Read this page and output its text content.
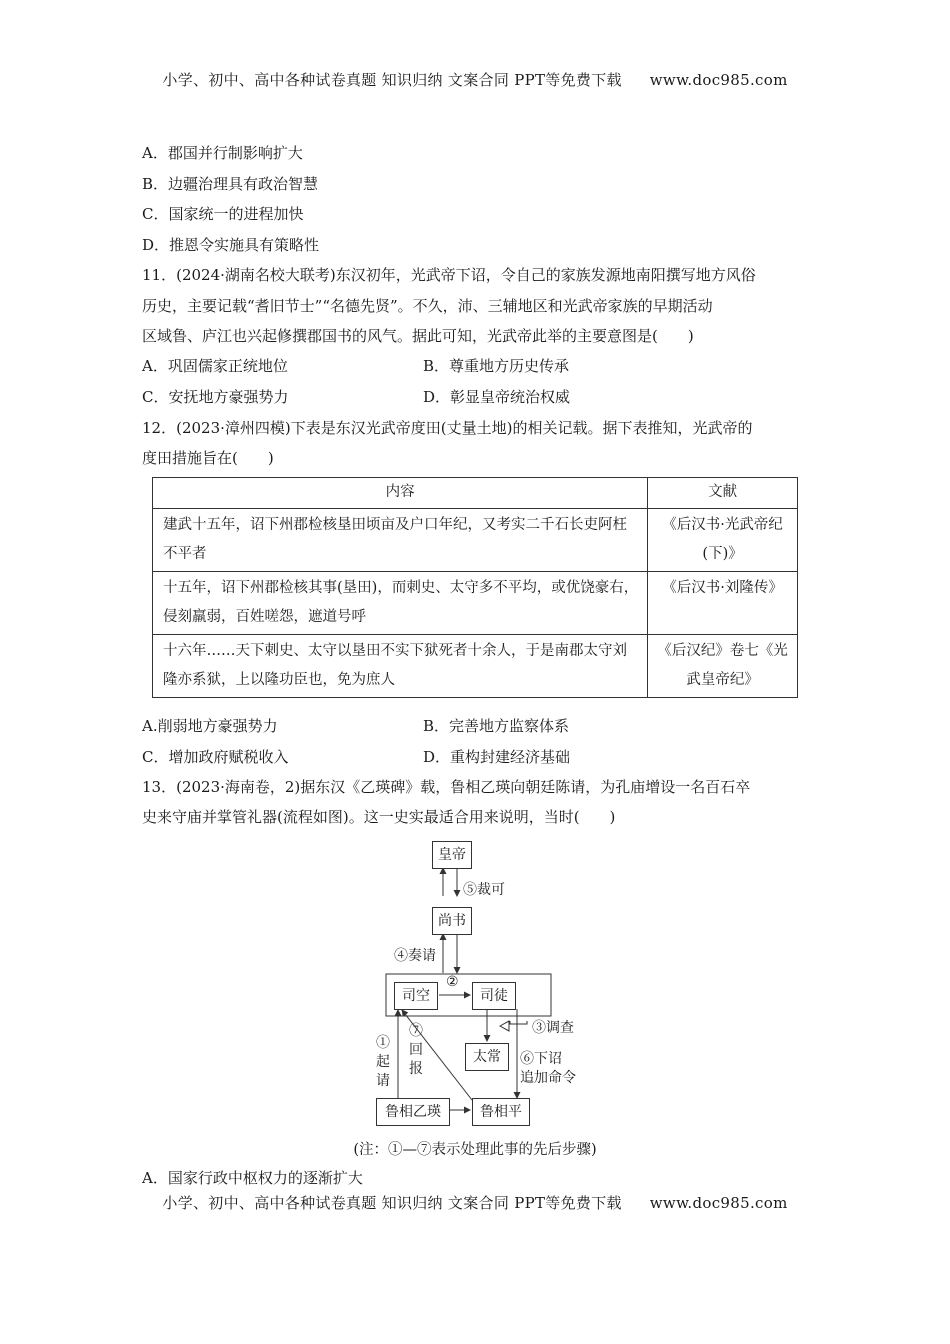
小学、初中、高中各种试卷真题 知识归纳 文案合同 PPT等免费下载 www.doc985.com
A．郡国并行制影响扩大
B．边疆治理具有政治智慧
C．国家统一的进程加快
D．推恩令实施具有策略性
11．(2024·湖南名校大联考)东汉初年，光武帝下诏，令自己的家族发源地南阳撰写地方风俗
历史，主要记载“耆旧节士”“名德先贤”。不久，沛、三辅地区和光武帝家族的早期活动
区域鲁、庐江也兴起修撰郡国书的风气。据此可知，光武帝此举的主要意图是(　　)
A．巩固儒家正统地位	B．尊重地方历史传承
C．安抚地方豪强势力	D．彰显皇帝统治权威
12．(2023·漳州四模)下表是东汉光武帝度田(丈量土地)的相关记载。据下表推知，光武帝的
度田措施旨在(　　)
内容	文献
建武十五年，诏下州郡检核垦田顷亩及户口年纪，又考实二千石长吏阿枉不平者	《后汉书·光武帝纪(下)》
十五年，诏下州郡检核其事(垦田)，而刺史、太守多不平均，或优饶豪右，侵刻羸弱，百姓嗟怨，遮道号呼	《后汉书·刘隆传》
十六年……天下刺史、太守以垦田不实下狱死者十余人，于是南郡太守刘隆亦系狱，上以隆功臣也，免为庶人	《后汉纪》卷七《光武皇帝纪》
A.削弱地方豪强势力	B．完善地方监察体系
C．增加政府赋税收入	D．重构封建经济基础
13．(2023·海南卷，2)据东汉《乙瑛碑》载，鲁相乙瑛向朝廷陈请，为孔庙增设一名百石卒
史来守庙并掌管礼器(流程如图)。这一史实最适合用来说明，当时(　　)
皇帝
尚书
司空	司徒
太常
鲁相乙瑛	鲁相平
⑤裁可
④奏请
②
③调查
⑥下诏
追加命令
①起请
⑦回报
(注：①—⑦表示处理此事的先后步骤)
A．国家行政中枢权力的逐渐扩大
小学、初中、高中各种试卷真题 知识归纳 文案合同 PPT等免费下载 www.doc985.com
